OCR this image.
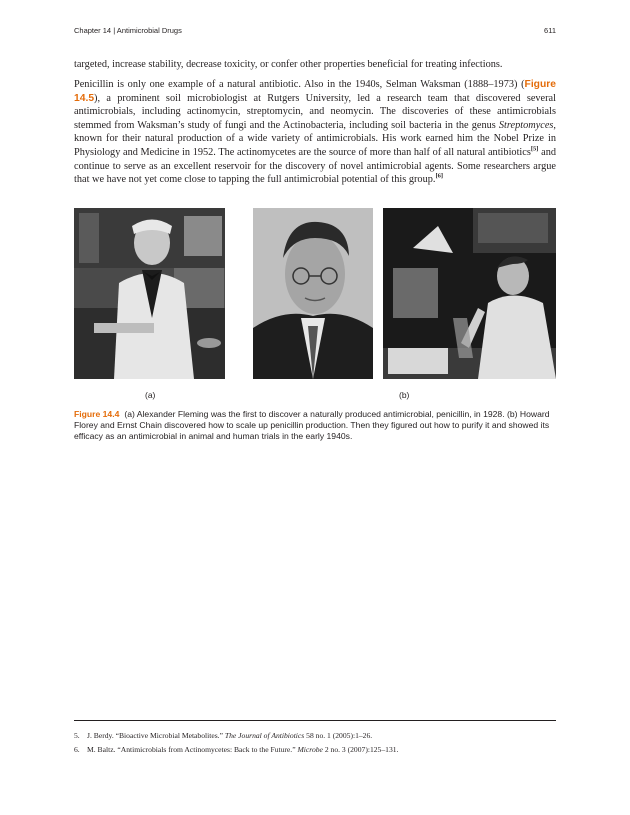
Chapter 14 | Antimicrobial Drugs	611

targeted, increase stability, decrease toxicity, or confer other properties beneficial for treating infections.

Penicillin is only one example of a natural antibiotic. Also in the 1940s, Selman Waksman (1888–1973) (Figure 14.5), a prominent soil microbiologist at Rutgers University, led a research team that discovered several antimicrobials, including actinomycin, streptomycin, and neomycin. The discoveries of these antimicrobials stemmed from Waksman’s study of fungi and the Actinobacteria, including soil bacteria in the genus Streptomyces, known for their natural production of a wide variety of antimicrobials. His work earned him the Nobel Prize in Physiology and Medicine in 1952. The actinomycetes are the source of more than half of all natural antibiotics[5] and continue to serve as an excellent reservoir for the discovery of novel antimicrobial agents. Some researchers argue that we have not yet come close to tapping the full antimicrobial potential of this group.[6]

(a)	(b)

Figure 14.4 (a) Alexander Fleming was the first to discover a naturally produced antimicrobial, penicillin, in 1928. (b) Howard Florey and Ernst Chain discovered how to scale up penicillin production. Then they figured out how to purify it and showed its efficacy as an antimicrobial in animal and human trials in the early 1940s.

5. J. Berdy. “Bioactive Microbial Metabolites.” The Journal of Antibiotics 58 no. 1 (2005):1–26.
6. M. Baltz. “Antimicrobials from Actinomycetes: Back to the Future.” Microbe 2 no. 3 (2007):125–131.
